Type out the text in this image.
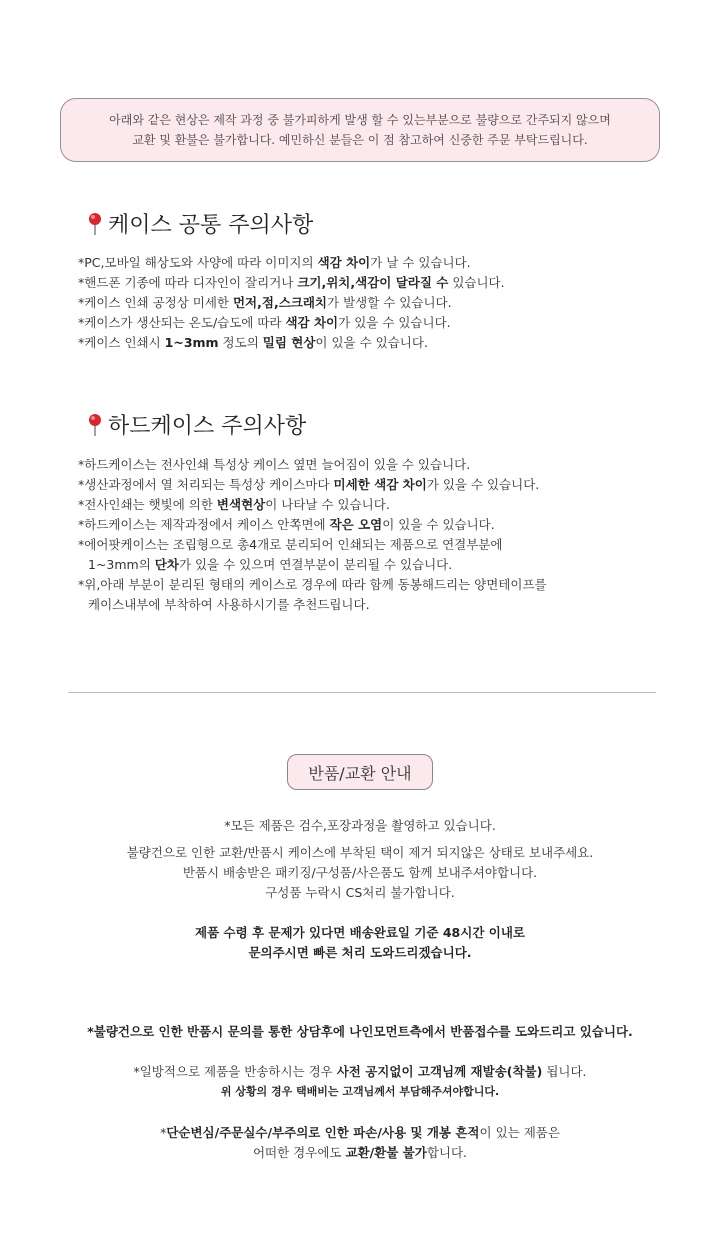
아래와 같은 현상은 제작 과정 중 불가피하게 발생 할 수 있는부분으로 불량으로 간주되지 않으며
교환 및 환불은 불가합니다. 예민하신 분들은 이 점 참고하여 신중한 주문 부탁드립니다.
케이스 공통 주의사항
*PC,모바일 해상도와 사양에 따라 이미지의 색감 차이가 날 수 있습니다.
*핸드폰 기종에 따라 디자인이 잘리거나 크기,위치,색감이 달라질 수 있습니다.
*케이스 인쇄 공정상 미세한 먼저,점,스크래치가 발생할 수 있습니다.
*케이스가 생산되는 온도/습도에 따라 색감 차이가 있을 수 있습니다.
*케이스 인쇄시 1~3mm 정도의 밀림 현상이 있을 수 있습니다.
하드케이스 주의사항
*하드케이스는 전사인쇄 특성상 케이스 옆면 늘어짐이 있을 수 있습니다.
*생산과정에서 열 처리되는 특성상 케이스마다 미세한 색감 차이가 있을 수 있습니다.
*전사인쇄는 햇빛에 의한 변색현상이 나타날 수 있습니다.
*하드케이스는 제작과정에서 케이스 안쪽면에 작은 오염이 있을 수 있습니다.
*에어팟케이스는 조립형으로 총4개로 분리되어 인쇄되는 제품으로 연결부분에
1~3mm의 단차가 있을 수 있으며 연결부분이 분리될 수 있습니다.
*위,아래 부분이 분리된 형태의 케이스로 경우에 따라 함께 동봉해드리는 양면테이프를
케이스내부에 부착하여 사용하시기를 추천드립니다.
반품/교환 안내

*모든 제품은 검수,포장과정을 촬영하고 있습니다.

불량건으로 인한 교환/반품시 케이스에 부착된 택이 제거 되지않은 상태로 보내주세요.

반품시 배송받은 패키징/구성품/사은품도 함께 보내주셔야합니다.

구성품 누락시 CS처리 불가합니다.

제품 수령 후 문제가 있다면 배송완료일 기준 48시간 이내로

문의주시면 빠른 처리 도와드리겠습니다.

*불량건으로 인한 반품시 문의를 통한 상담후에 나인모먼트측에서 반품접수를 도와드리고 있습니다.

*일방적으로 제품을 반송하시는 경우 사전 공지없이 고객님께 재발송(착불) 됩니다.

위 상황의 경우 택배비는 고객님께서 부담해주셔야합니다.

*단순변심/주문실수/부주의로 인한 파손/사용 및 개봉 흔적이 있는 제품은

어떠한 경우에도 교환/환불 불가합니다.
